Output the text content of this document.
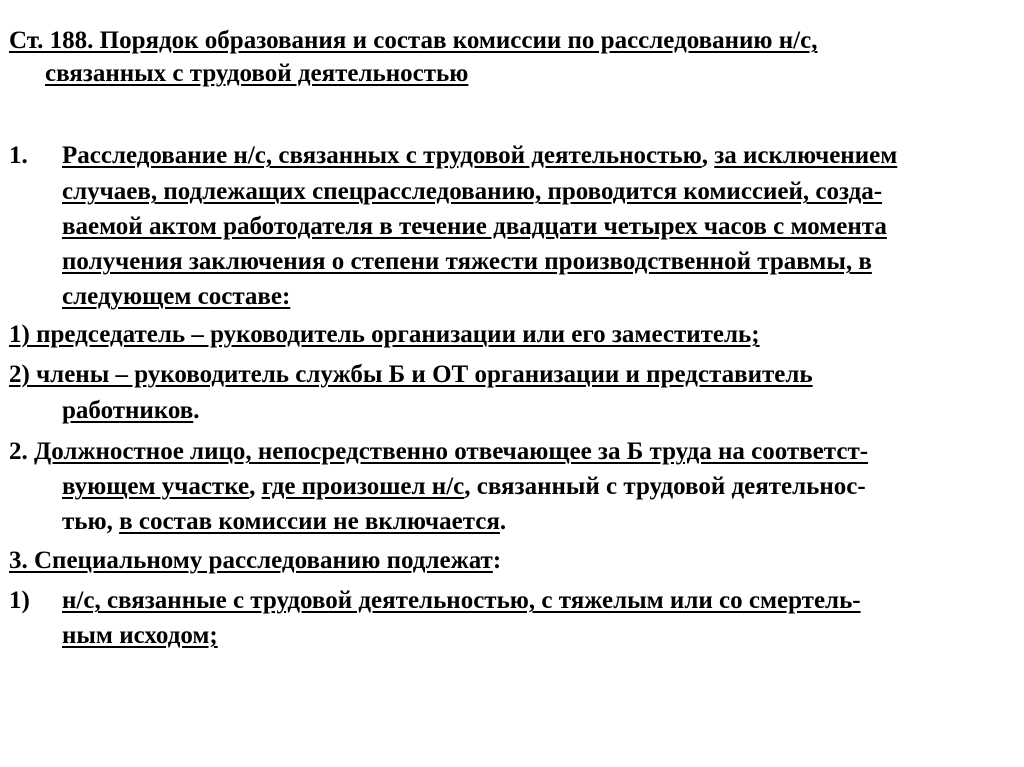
Ст. 188. Порядок образования и состав комиссии по расследованию н/с,
связанных с трудовой деятельностью
1. Расследование н/с, связанных с трудовой деятельностью, за исключением
случаев, подлежащих спецрасследованию, проводится комиссией, созда-
ваемой актом работодателя в течение двадцати четырех часов с момента
получения заключения о степени тяжести производственной травмы, в
следующем составе:
1) председатель – руководитель организации или его заместитель;
2) члены – руководитель службы Б и ОТ организации и представитель
работников.
2. Должностное лицо, непосредственно отвечающее за Б труда на соответст-
вующем участке, где произошел н/с, связанный с трудовой деятельнос-
тью, в состав комиссии не включается.
3. Специальному расследованию подлежат:
1) н/с, связанные с трудовой деятельностью, с тяжелым или со смертель-
ным исходом;
